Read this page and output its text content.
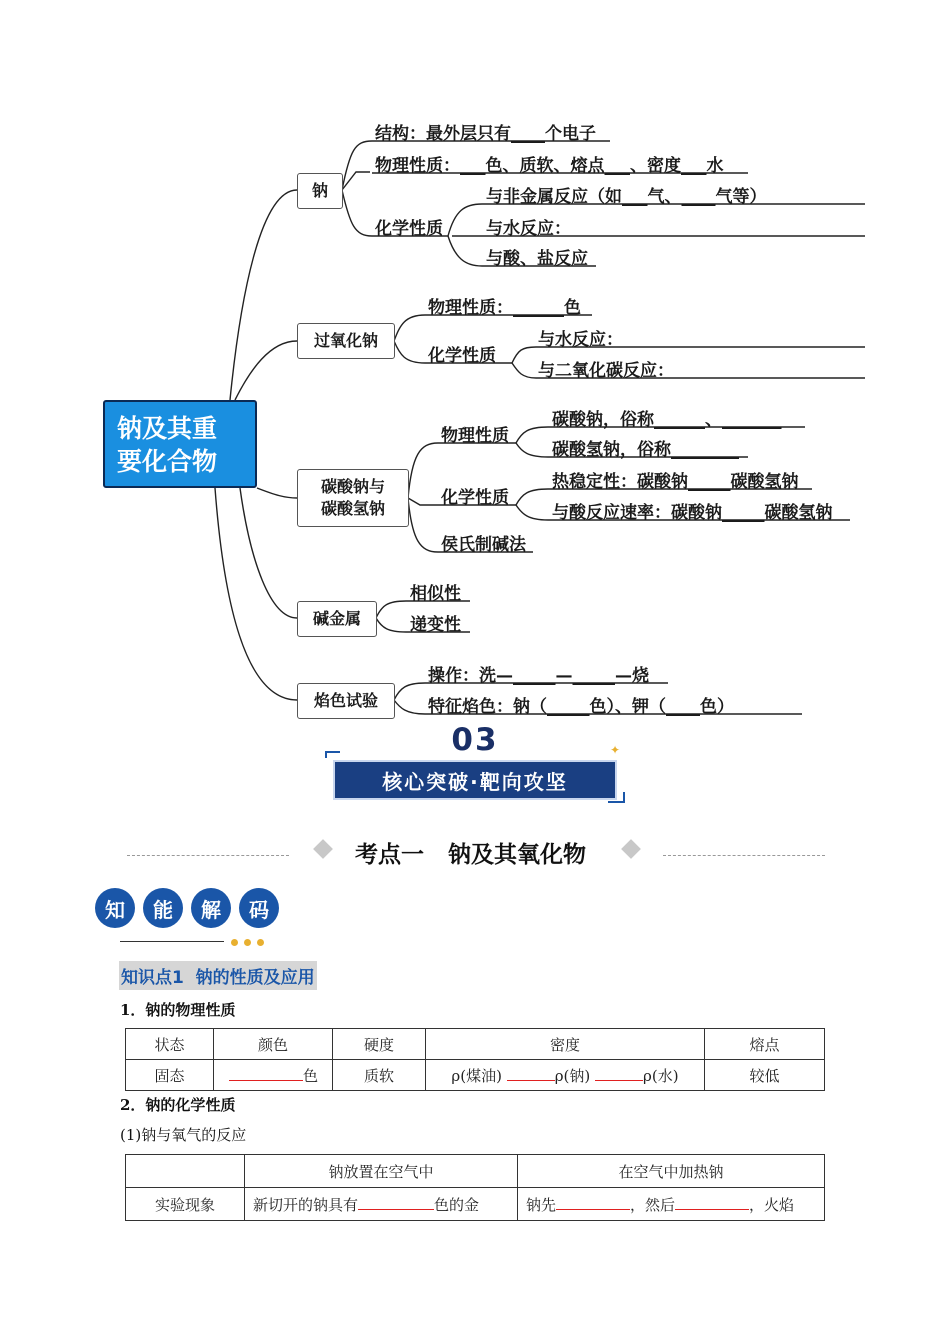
钠及其重要化合物
钠
结构：最外层只有____个电子
物理性质：___色、质软、熔点___、密度___水
化学性质
与非金属反应（如___气、____气等）
与水反应：
与酸、盐反应
过氧化钠
物理性质：______色
化学性质
与水反应：
与二氧化碳反应：
碳酸钠与
碳酸氢钠
物理性质
碳酸钠，俗称______、_______
碳酸氢钠，俗称________
化学性质
热稳定性：碳酸钠_____碳酸氢钠
与酸反应速率：碳酸钠_____碳酸氢钠
侯氏制碱法
碱金属
相似性
递变性
焰色试验
操作：洗—_____—_____—烧
特征焰色：钠（_____色）、钾（____色）
03	✦
核心突破·靶向攻坚
考点一   钠及其氧化物
知	能	解	码
知识点1  钠的性质及应用
1．钠的物理性质
状态	颜色	硬度	密度	熔点
固态	色	质软	ρ(煤油) ρ(钠) ρ(水)	较低
2．钠的化学性质
(1)钠与氧气的反应
	钠放置在空气中	在空气中加热钠
实验现象	新切开的钠具有 色的金	钠先 ，然后 ，火焰
